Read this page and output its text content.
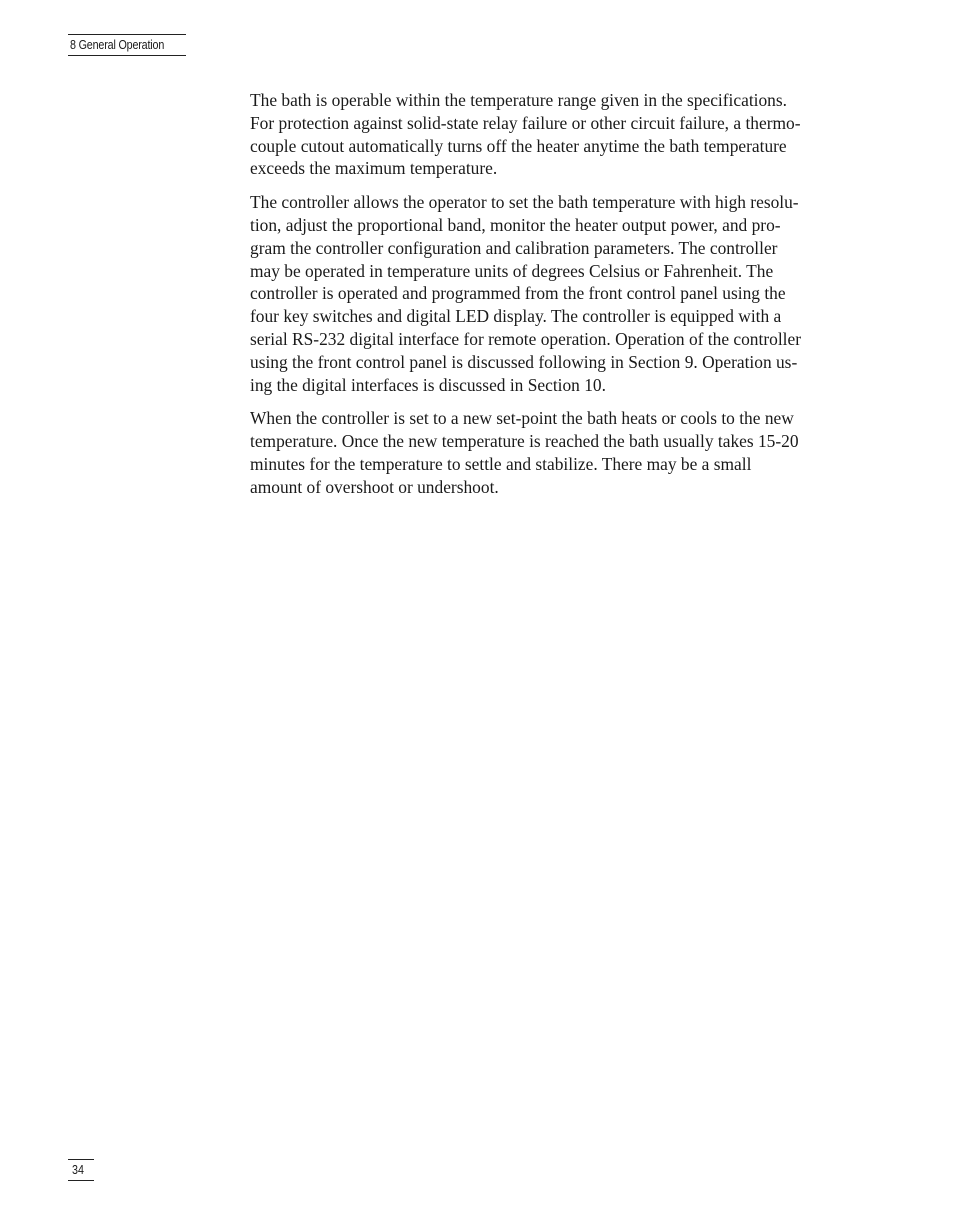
8 General Operation

The bath is operable within the temperature range given in the specifications.
For protection against solid-state relay failure or other circuit failure, a thermo-
couple cutout automatically turns off the heater anytime the bath temperature
exceeds the maximum temperature.

The controller allows the operator to set the bath temperature with high resolu-
tion, adjust the proportional band, monitor the heater output power, and pro-
gram the controller configuration and calibration parameters. The controller
may be operated in temperature units of degrees Celsius or Fahrenheit. The
controller is operated and programmed from the front control panel using the
four key switches and digital LED display. The controller is equipped with a
serial RS-232 digital interface for remote operation. Operation of the controller
using the front control panel is discussed following in Section 9. Operation us-
ing the digital interfaces is discussed in Section 10.

When the controller is set to a new set-point the bath heats or cools to the new
temperature. Once the new temperature is reached the bath usually takes 15-20
minutes for the temperature to settle and stabilize. There may be a small
amount of overshoot or undershoot.

34
